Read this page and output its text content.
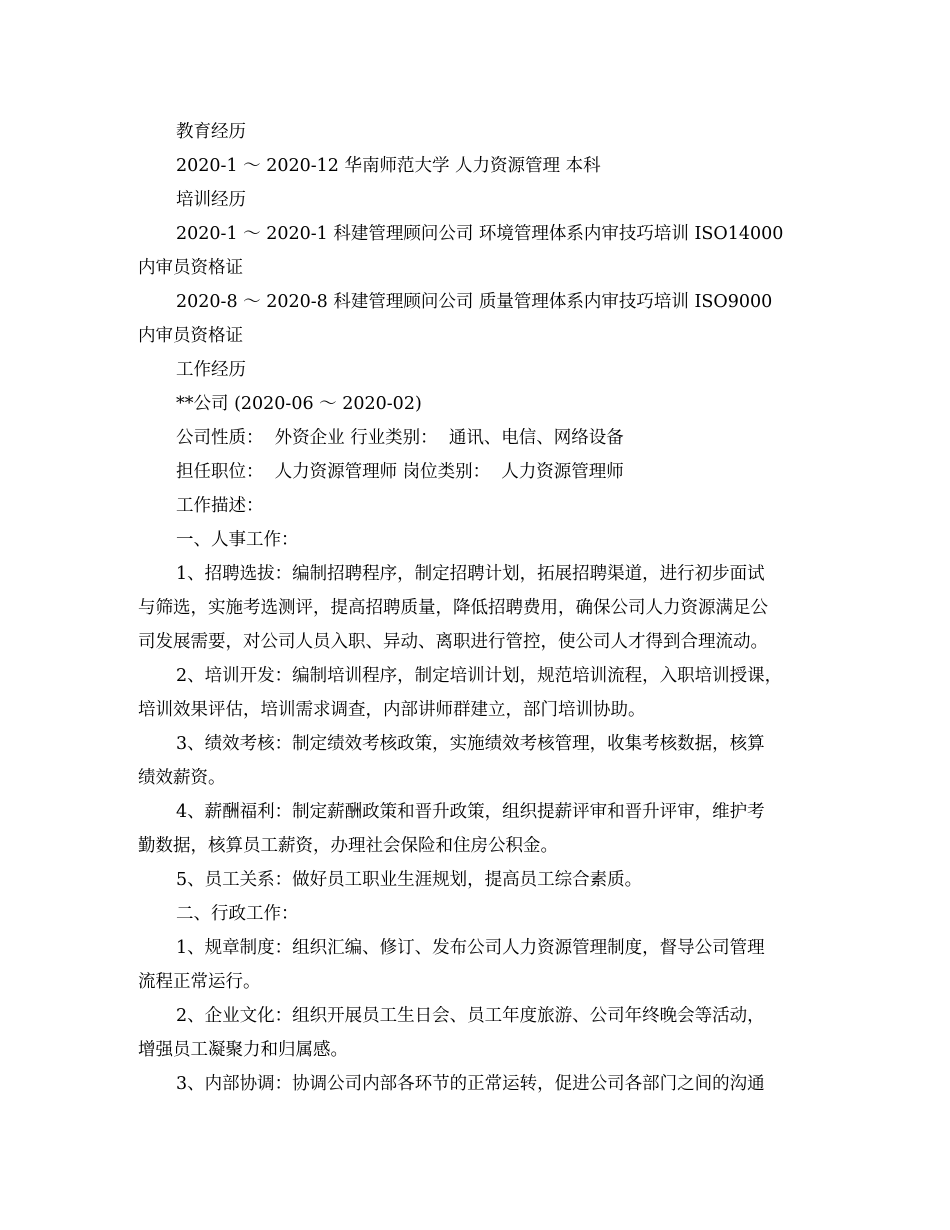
教育经历
2020-1 ～ 2020-12 华南师范大学 人力资源管理 本科
培训经历
2020-1 ～ 2020-1 科建管理顾问公司 环境管理体系内审技巧培训 ISO14000
内审员资格证
2020-8 ～ 2020-8 科建管理顾问公司 质量管理体系内审技巧培训 ISO9000
内审员资格证
工作经历
**公司 (2020-06 ～ 2020-02)
公司性质：  外资企业 行业类别：  通讯、电信、网络设备
担任职位：  人力资源管理师 岗位类别：  人力资源管理师
工作描述：
一、人事工作：
1、招聘选拔：编制招聘程序，制定招聘计划，拓展招聘渠道，进行初步面试
与筛选，实施考选测评，提高招聘质量，降低招聘费用，确保公司人力资源满足公
司发展需要，对公司人员入职、异动、离职进行管控，使公司人才得到合理流动。
2、培训开发：编制培训程序，制定培训计划，规范培训流程，入职培训授课，
培训效果评估，培训需求调查，内部讲师群建立，部门培训协助。
3、绩效考核：制定绩效考核政策，实施绩效考核管理，收集考核数据，核算
绩效薪资。
4、薪酬福利：制定薪酬政策和晋升政策，组织提薪评审和晋升评审，维护考
勤数据，核算员工薪资，办理社会保险和住房公积金。
5、员工关系：做好员工职业生涯规划，提高员工综合素质。
二、行政工作：
1、规章制度：组织汇编、修订、发布公司人力资源管理制度，督导公司管理
流程正常运行。
2、企业文化：组织开展员工生日会、员工年度旅游、公司年终晚会等活动，
增强员工凝聚力和归属感。
3、内部协调：协调公司内部各环节的正常运转，促进公司各部门之间的沟通
